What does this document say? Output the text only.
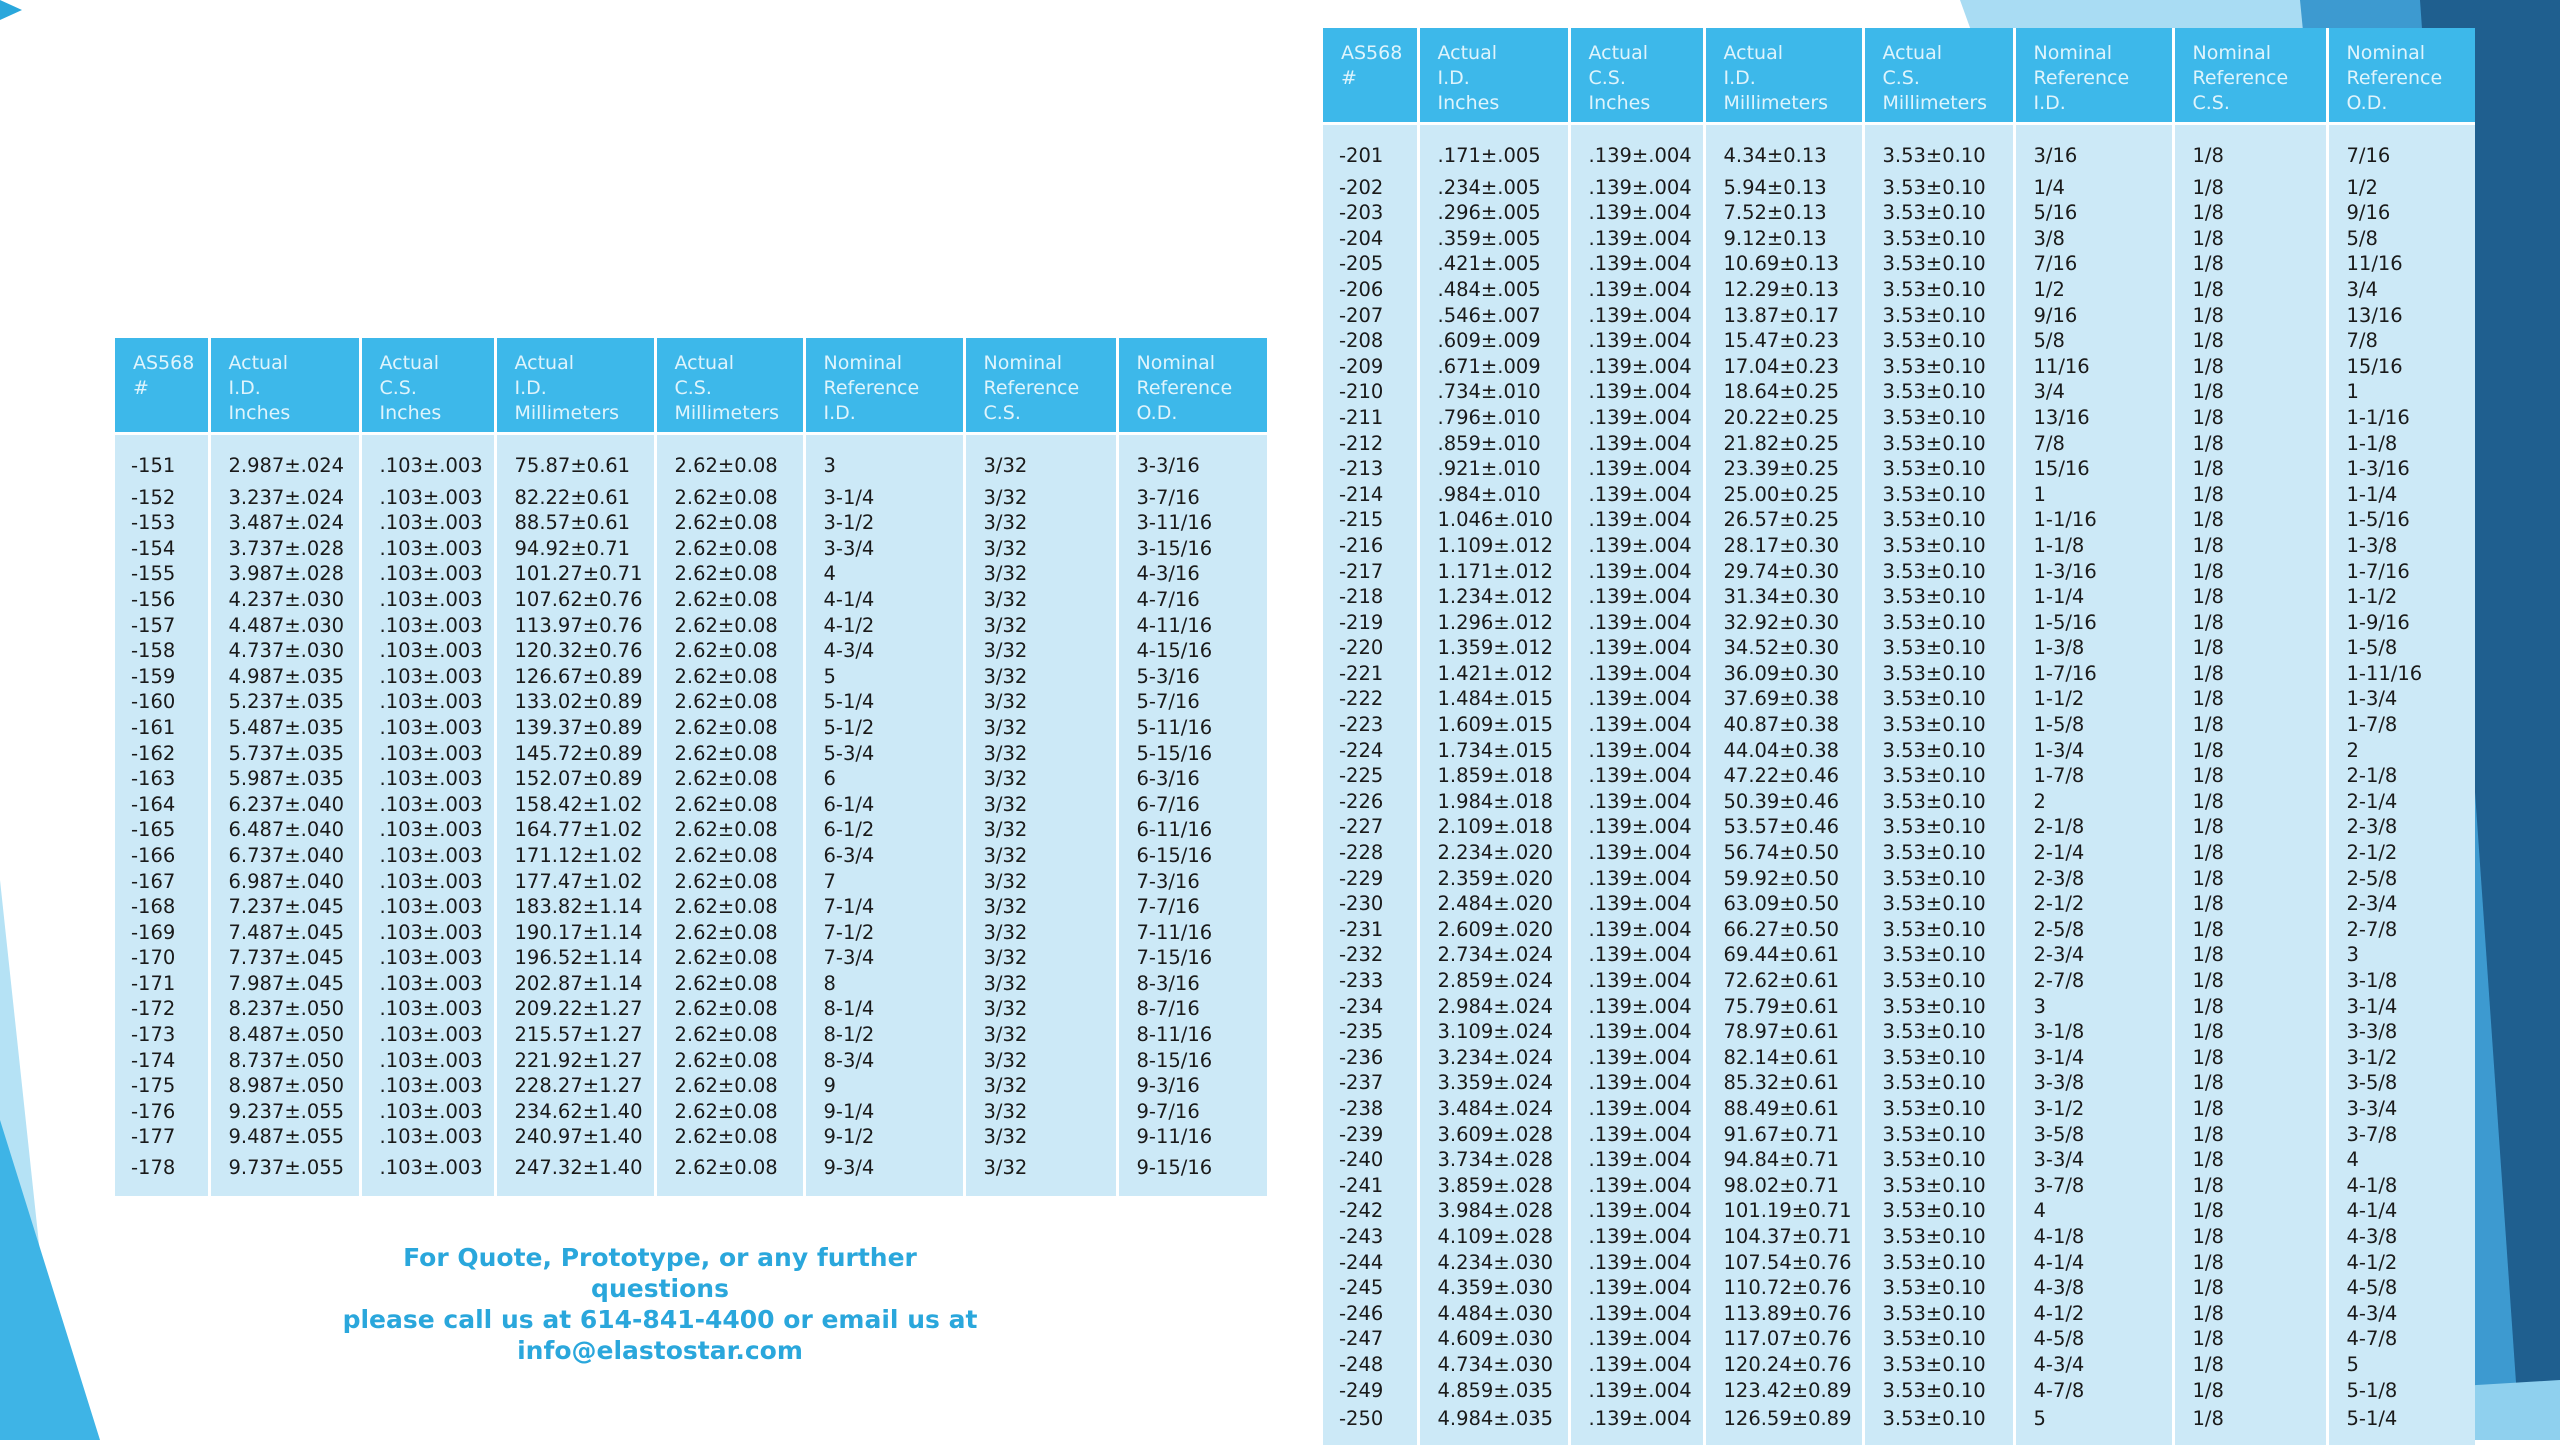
AS568
#	Actual
I.D.
Inches	Actual
C.S.
Inches	Actual
I.D.
Millimeters	Actual
C.S.
Millimeters	Nominal
Reference
I.D.	Nominal
Reference
C.S.	Nominal
Reference
O.D.
-151	2.987±.024	.103±.003	75.87±0.61	2.62±0.08	3	3/32	3-3/16
-152	3.237±.024	.103±.003	82.22±0.61	2.62±0.08	3-1/4	3/32	3-7/16
-153	3.487±.024	.103±.003	88.57±0.61	2.62±0.08	3-1/2	3/32	3-11/16
-154	3.737±.028	.103±.003	94.92±0.71	2.62±0.08	3-3/4	3/32	3-15/16
-155	3.987±.028	.103±.003	101.27±0.71	2.62±0.08	4	3/32	4-3/16
-156	4.237±.030	.103±.003	107.62±0.76	2.62±0.08	4-1/4	3/32	4-7/16
-157	4.487±.030	.103±.003	113.97±0.76	2.62±0.08	4-1/2	3/32	4-11/16
-158	4.737±.030	.103±.003	120.32±0.76	2.62±0.08	4-3/4	3/32	4-15/16
-159	4.987±.035	.103±.003	126.67±0.89	2.62±0.08	5	3/32	5-3/16
-160	5.237±.035	.103±.003	133.02±0.89	2.62±0.08	5-1/4	3/32	5-7/16
-161	5.487±.035	.103±.003	139.37±0.89	2.62±0.08	5-1/2	3/32	5-11/16
-162	5.737±.035	.103±.003	145.72±0.89	2.62±0.08	5-3/4	3/32	5-15/16
-163	5.987±.035	.103±.003	152.07±0.89	2.62±0.08	6	3/32	6-3/16
-164	6.237±.040	.103±.003	158.42±1.02	2.62±0.08	6-1/4	3/32	6-7/16
-165	6.487±.040	.103±.003	164.77±1.02	2.62±0.08	6-1/2	3/32	6-11/16
-166	6.737±.040	.103±.003	171.12±1.02	2.62±0.08	6-3/4	3/32	6-15/16
-167	6.987±.040	.103±.003	177.47±1.02	2.62±0.08	7	3/32	7-3/16
-168	7.237±.045	.103±.003	183.82±1.14	2.62±0.08	7-1/4	3/32	7-7/16
-169	7.487±.045	.103±.003	190.17±1.14	2.62±0.08	7-1/2	3/32	7-11/16
-170	7.737±.045	.103±.003	196.52±1.14	2.62±0.08	7-3/4	3/32	7-15/16
-171	7.987±.045	.103±.003	202.87±1.14	2.62±0.08	8	3/32	8-3/16
-172	8.237±.050	.103±.003	209.22±1.27	2.62±0.08	8-1/4	3/32	8-7/16
-173	8.487±.050	.103±.003	215.57±1.27	2.62±0.08	8-1/2	3/32	8-11/16
-174	8.737±.050	.103±.003	221.92±1.27	2.62±0.08	8-3/4	3/32	8-15/16
-175	8.987±.050	.103±.003	228.27±1.27	2.62±0.08	9	3/32	9-3/16
-176	9.237±.055	.103±.003	234.62±1.40	2.62±0.08	9-1/4	3/32	9-7/16
-177	9.487±.055	.103±.003	240.97±1.40	2.62±0.08	9-1/2	3/32	9-11/16
-178	9.737±.055	.103±.003	247.32±1.40	2.62±0.08	9-3/4	3/32	9-15/16
AS568
#	Actual
I.D.
Inches	Actual
C.S.
Inches	Actual
I.D.
Millimeters	Actual
C.S.
Millimeters	Nominal
Reference
I.D.	Nominal
Reference
C.S.	Nominal
Reference
O.D.
-201	.171±.005	.139±.004	4.34±0.13	3.53±0.10	3/16	1/8	7/16
-202	.234±.005	.139±.004	5.94±0.13	3.53±0.10	1/4	1/8	1/2
-203	.296±.005	.139±.004	7.52±0.13	3.53±0.10	5/16	1/8	9/16
-204	.359±.005	.139±.004	9.12±0.13	3.53±0.10	3/8	1/8	5/8
-205	.421±.005	.139±.004	10.69±0.13	3.53±0.10	7/16	1/8	11/16
-206	.484±.005	.139±.004	12.29±0.13	3.53±0.10	1/2	1/8	3/4
-207	.546±.007	.139±.004	13.87±0.17	3.53±0.10	9/16	1/8	13/16
-208	.609±.009	.139±.004	15.47±0.23	3.53±0.10	5/8	1/8	7/8
-209	.671±.009	.139±.004	17.04±0.23	3.53±0.10	11/16	1/8	15/16
-210	.734±.010	.139±.004	18.64±0.25	3.53±0.10	3/4	1/8	1
-211	.796±.010	.139±.004	20.22±0.25	3.53±0.10	13/16	1/8	1-1/16
-212	.859±.010	.139±.004	21.82±0.25	3.53±0.10	7/8	1/8	1-1/8
-213	.921±.010	.139±.004	23.39±0.25	3.53±0.10	15/16	1/8	1-3/16
-214	.984±.010	.139±.004	25.00±0.25	3.53±0.10	1	1/8	1-1/4
-215	1.046±.010	.139±.004	26.57±0.25	3.53±0.10	1-1/16	1/8	1-5/16
-216	1.109±.012	.139±.004	28.17±0.30	3.53±0.10	1-1/8	1/8	1-3/8
-217	1.171±.012	.139±.004	29.74±0.30	3.53±0.10	1-3/16	1/8	1-7/16
-218	1.234±.012	.139±.004	31.34±0.30	3.53±0.10	1-1/4	1/8	1-1/2
-219	1.296±.012	.139±.004	32.92±0.30	3.53±0.10	1-5/16	1/8	1-9/16
-220	1.359±.012	.139±.004	34.52±0.30	3.53±0.10	1-3/8	1/8	1-5/8
-221	1.421±.012	.139±.004	36.09±0.30	3.53±0.10	1-7/16	1/8	1-11/16
-222	1.484±.015	.139±.004	37.69±0.38	3.53±0.10	1-1/2	1/8	1-3/4
-223	1.609±.015	.139±.004	40.87±0.38	3.53±0.10	1-5/8	1/8	1-7/8
-224	1.734±.015	.139±.004	44.04±0.38	3.53±0.10	1-3/4	1/8	2
-225	1.859±.018	.139±.004	47.22±0.46	3.53±0.10	1-7/8	1/8	2-1/8
-226	1.984±.018	.139±.004	50.39±0.46	3.53±0.10	2	1/8	2-1/4
-227	2.109±.018	.139±.004	53.57±0.46	3.53±0.10	2-1/8	1/8	2-3/8
-228	2.234±.020	.139±.004	56.74±0.50	3.53±0.10	2-1/4	1/8	2-1/2
-229	2.359±.020	.139±.004	59.92±0.50	3.53±0.10	2-3/8	1/8	2-5/8
-230	2.484±.020	.139±.004	63.09±0.50	3.53±0.10	2-1/2	1/8	2-3/4
-231	2.609±.020	.139±.004	66.27±0.50	3.53±0.10	2-5/8	1/8	2-7/8
-232	2.734±.024	.139±.004	69.44±0.61	3.53±0.10	2-3/4	1/8	3
-233	2.859±.024	.139±.004	72.62±0.61	3.53±0.10	2-7/8	1/8	3-1/8
-234	2.984±.024	.139±.004	75.79±0.61	3.53±0.10	3	1/8	3-1/4
-235	3.109±.024	.139±.004	78.97±0.61	3.53±0.10	3-1/8	1/8	3-3/8
-236	3.234±.024	.139±.004	82.14±0.61	3.53±0.10	3-1/4	1/8	3-1/2
-237	3.359±.024	.139±.004	85.32±0.61	3.53±0.10	3-3/8	1/8	3-5/8
-238	3.484±.024	.139±.004	88.49±0.61	3.53±0.10	3-1/2	1/8	3-3/4
-239	3.609±.028	.139±.004	91.67±0.71	3.53±0.10	3-5/8	1/8	3-7/8
-240	3.734±.028	.139±.004	94.84±0.71	3.53±0.10	3-3/4	1/8	4
-241	3.859±.028	.139±.004	98.02±0.71	3.53±0.10	3-7/8	1/8	4-1/8
-242	3.984±.028	.139±.004	101.19±0.71	3.53±0.10	4	1/8	4-1/4
-243	4.109±.028	.139±.004	104.37±0.71	3.53±0.10	4-1/8	1/8	4-3/8
-244	4.234±.030	.139±.004	107.54±0.76	3.53±0.10	4-1/4	1/8	4-1/2
-245	4.359±.030	.139±.004	110.72±0.76	3.53±0.10	4-3/8	1/8	4-5/8
-246	4.484±.030	.139±.004	113.89±0.76	3.53±0.10	4-1/2	1/8	4-3/4
-247	4.609±.030	.139±.004	117.07±0.76	3.53±0.10	4-5/8	1/8	4-7/8
-248	4.734±.030	.139±.004	120.24±0.76	3.53±0.10	4-3/4	1/8	5
-249	4.859±.035	.139±.004	123.42±0.89	3.53±0.10	4-7/8	1/8	5-1/8
-250	4.984±.035	.139±.004	126.59±0.89	3.53±0.10	5	1/8	5-1/4
For Quote, Prototype, or any further questions
please call us at 614-841-4400 or email us at
info@elastostar.com
